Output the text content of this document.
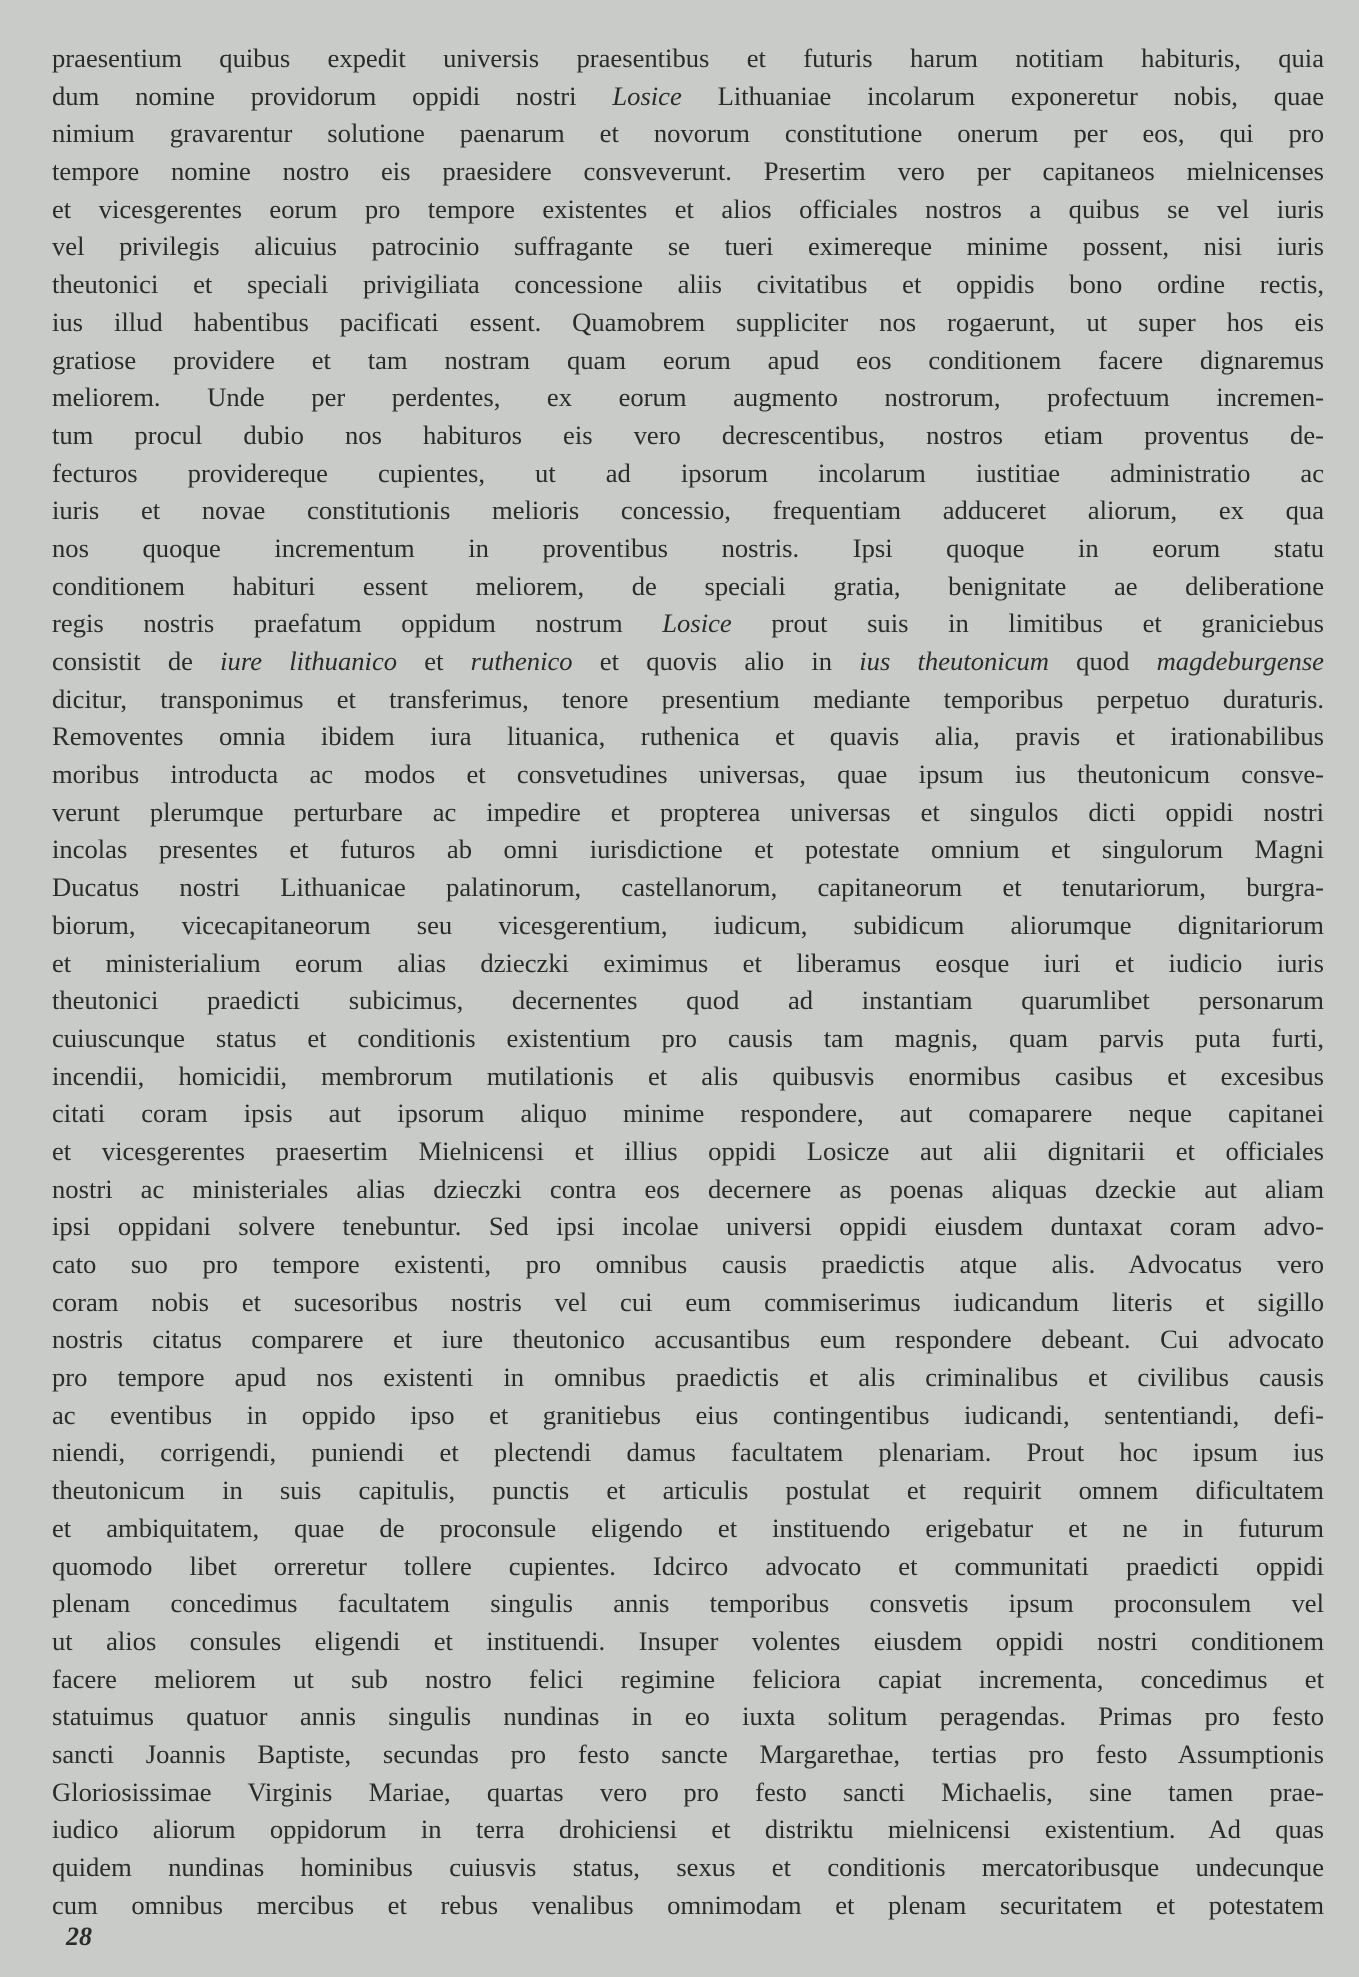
praesentium quibus expedit universis praesentibus et futuris harum notitiam habituris, quia
dum nomine providorum oppidi nostri Losice Lithuaniae incolarum exponeretur nobis, quae
nimium gravarentur solutione paenarum et novorum constitutione onerum per eos, qui pro
tempore nomine nostro eis praesidere consveverunt. Presertim vero per capitaneos mielnicenses
et vicesgerentes eorum pro tempore existentes et alios officiales nostros a quibus se vel iuris
vel privilegis alicuius patrocinio suffragante se tueri eximereque minime possent, nisi iuris
theutonici et speciali privigiliata concessione aliis civitatibus et oppidis bono ordine rectis,
ius illud habentibus pacificati essent. Quamobrem suppliciter nos rogaerunt, ut super hos eis
gratiose providere et tam nostram quam eorum apud eos conditionem facere dignaremus
meliorem. Unde per perdentes, ex eorum augmento nostrorum, profectuum incremen-
tum procul dubio nos habituros eis vero decrescentibus, nostros etiam proventus de-
fecturos providereque cupientes, ut ad ipsorum incolarum iustitiae administratio ac
iuris et novae constitutionis melioris concessio, frequentiam adduceret aliorum, ex qua
nos quoque incrementum in proventibus nostris. Ipsi quoque in eorum statu
conditionem habituri essent meliorem, de speciali gratia, benignitate ae deliberatione
regis nostris praefatum oppidum nostrum Losice prout suis in limitibus et graniciebus
consistit de iure lithuanico et ruthenico et quovis alio in ius theutonicum quod magdeburgense
dicitur, transponimus et transferimus, tenore presentium mediante temporibus perpetuo duraturis.
Removentes omnia ibidem iura lituanica, ruthenica et quavis alia, pravis et irationabilibus
moribus introducta ac modos et consvetudines universas, quae ipsum ius theutonicum consve-
verunt plerumque perturbare ac impedire et propterea universas et singulos dicti oppidi nostri
incolas presentes et futuros ab omni iurisdictione et potestate omnium et singulorum Magni
Ducatus nostri Lithuanicae palatinorum, castellanorum, capitaneorum et tenutariorum, burgra-
biorum, vicecapitaneorum seu vicesgerentium, iudicum, subidicum aliorumque dignitariorum
et ministerialium eorum alias dzieczki eximimus et liberamus eosque iuri et iudicio iuris
theutonici praedicti subicimus, decernentes quod ad instantiam quarumlibet personarum
cuiuscunque status et conditionis existentium pro causis tam magnis, quam parvis puta furti,
incendii, homicidii, membrorum mutilationis et alis quibusvis enormibus casibus et excesibus
citati coram ipsis aut ipsorum aliquo minime respondere, aut comaparere neque capitanei
et vicesgerentes praesertim Mielnicensi et illius oppidi Losicze aut alii dignitarii et officiales
nostri ac ministeriales alias dzieczki contra eos decernere as poenas aliquas dzeckie aut aliam
ipsi oppidani solvere tenebuntur. Sed ipsi incolae universi oppidi eiusdem duntaxat coram advo-
cato suo pro tempore existenti, pro omnibus causis praedictis atque alis. Advocatus vero
coram nobis et sucesoribus nostris vel cui eum commiserimus iudicandum literis et sigillo
nostris citatus comparere et iure theutonico accusantibus eum respondere debeant. Cui advocato
pro tempore apud nos existenti in omnibus praedictis et alis criminalibus et civilibus causis
ac eventibus in oppido ipso et granitiebus eius contingentibus iudicandi, sententiandi, defi-
niendi, corrigendi, puniendi et plectendi damus facultatem plenariam. Prout hoc ipsum ius
theutonicum in suis capitulis, punctis et articulis postulat et requirit omnem dificultatem
et ambiquitatem, quae de proconsule eligendo et instituendo erigebatur et ne in futurum
quomodo libet orreretur tollere cupientes. Idcirco advocato et communitati praedicti oppidi
plenam concedimus facultatem singulis annis temporibus consvetis ipsum proconsulem vel
ut alios consules eligendi et instituendi. Insuper volentes eiusdem oppidi nostri conditionem
facere meliorem ut sub nostro felici regimine feliciora capiat incrementa, concedimus et
statuimus quatuor annis singulis nundinas in eo iuxta solitum peragendas. Primas pro festo
sancti Joannis Baptiste, secundas pro festo sancte Margarethae, tertias pro festo Assumptionis
Gloriosissimae Virginis Mariae, quartas vero pro festo sancti Michaelis, sine tamen prae-
iudico aliorum oppidorum in terra drohiciensi et distriktu mielnicensi existentium. Ad quas
quidem nundinas hominibus cuiusvis status, sexus et conditionis mercatoribusque undecunque
cum omnibus mercibus et rebus venalibus omnimodam et plenam securitatem et potestatem
28
